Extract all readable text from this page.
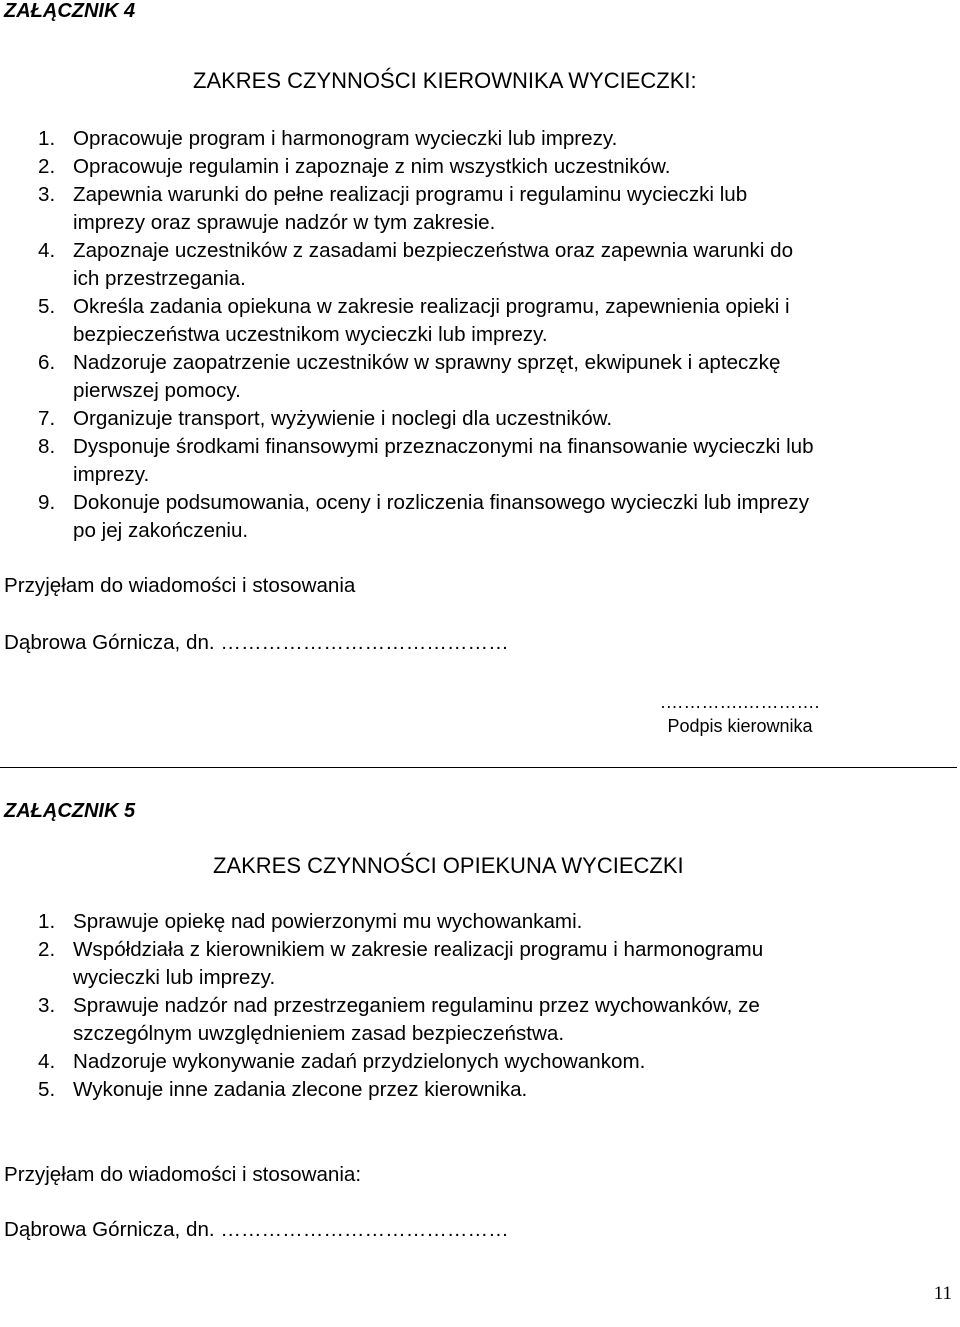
ZAŁĄCZNIK 4
ZAKRES CZYNNOŚCI KIEROWNIKA WYCIECZKI:
1. Opracowuje program i harmonogram wycieczki lub imprezy.
2. Opracowuje regulamin i zapoznaje z nim wszystkich uczestników.
3. Zapewnia warunki do pełne realizacji programu i regulaminu wycieczki lub
imprezy oraz sprawuje nadzór w tym zakresie.
4. Zapoznaje uczestników z zasadami bezpieczeństwa oraz zapewnia warunki do
ich przestrzegania.
5. Określa zadania opiekuna w zakresie realizacji programu, zapewnienia opieki i
bezpieczeństwa uczestnikom wycieczki lub imprezy.
6. Nadzoruje zaopatrzenie uczestników w sprawny sprzęt, ekwipunek i apteczkę
pierwszej pomocy.
7. Organizuje transport, wyżywienie i noclegi dla uczestników.
8. Dysponuje środkami finansowymi przeznaczonymi na finansowanie wycieczki lub
imprezy.
9. Dokonuje podsumowania, oceny i rozliczenia finansowego wycieczki lub imprezy
po jej zakończeniu.
Przyjęłam do wiadomości i stosowania
Dąbrowa Górnicza, dn. ……………………………………
.………….………….
Podpis kierownika
ZAŁĄCZNIK 5
ZAKRES CZYNNOŚCI OPIEKUNA WYCIECZKI
1. Sprawuje opiekę nad powierzonymi mu wychowankami.
2. Współdziała z kierownikiem w zakresie realizacji programu i harmonogramu
wycieczki lub imprezy.
3. Sprawuje nadzór nad przestrzeganiem regulaminu przez wychowanków, ze
szczególnym uwzględnieniem zasad bezpieczeństwa.
4. Nadzoruje wykonywanie zadań przydzielonych wychowankom.
5. Wykonuje inne zadania zlecone przez kierownika.
Przyjęłam do wiadomości i stosowania:
Dąbrowa Górnicza, dn. ……………………………………
11
